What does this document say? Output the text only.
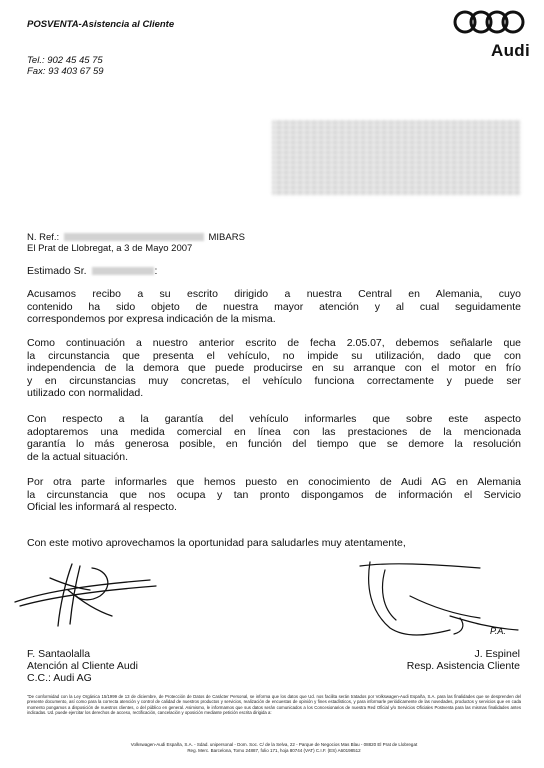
POSVENTA-Asistencia al Cliente
Tel.: 902 45 45 75
Fax: 93 403 67 59
Audi
N. Ref.:	MIBARS
El Prat de Llobregat, a 3 de Mayo 2007
Estimado Sr.	:
Acusamos recibo a su escrito dirigido a nuestra Central en Alemania, cuyo
contenido ha sido objeto de nuestra mayor atención y al cual seguidamente
correspondemos por expresa indicación de la misma.
Como continuación a nuestro anterior escrito de fecha 2.05.07, debemos señalarle que
la circunstancia que presenta el vehículo, no impide su utilización, dado que con
independencia de la demora que puede producirse en su arranque con el motor en frío
y en circunstancias muy concretas, el vehículo funciona correctamente y puede ser
utilizado con normalidad.
Con respecto a la garantía del vehículo informarles que sobre este aspecto
adoptaremos una medida comercial en línea con las prestaciones de la mencionada
garantía lo más generosa posible, en función del tiempo que se demore la resolución
de la actual situación.
Por otra parte informarles que hemos puesto en conocimiento de Audi AG en Alemania
la circunstancia que nos ocupa y tan pronto dispongamos de información el Servicio
Oficial les informará al respecto.
Con este motivo aprovechamos la oportunidad para saludarles muy atentamente,
P.A.
F. Santaolalla
Atención al Cliente Audi
C.C.: Audi AG
J. Espinel
Resp. Asistencia Cliente
"De conformidad con la Ley Orgánica 15/1999 de 13 de diciembre, de Protección de Datos de Carácter Personal, se informa que los datos que Ud. nos facilita serán tratados por Volkswagen-Audi España, S.A. para las finalidades que se desprenden del presente documento, así como para la correcta atención y control de calidad de nuestros productos y servicios, realización de encuestas de opinión y fines estadísticos, y para informarle periódicamente de las novedades, productos y servicios que en cada momento pongamos a disposición de nuestros clientes, o del público en general. Asimismo, le informamos que sus datos serán comunicados a los Concesionarios de nuestra Red Oficial y/o Servicios Oficiales Postventa para las mismas finalidades antes indicadas. Ud. puede ejercitar los derechos de acceso, rectificación, cancelación y oposición mediante petición escrita dirigida a:
Volkswagen-Audi España, S.A. - Sdad. unipersonal - Dom. Soc. C/ de la Selva, 22 - Parque de Negocios Mas Blau - 08820 El Prat de Llobregat
Reg. Merc. Barcelona, Tomo 24887, folio 171, hoja 80744 (VAT) C.I.F. (ES) A60198512
